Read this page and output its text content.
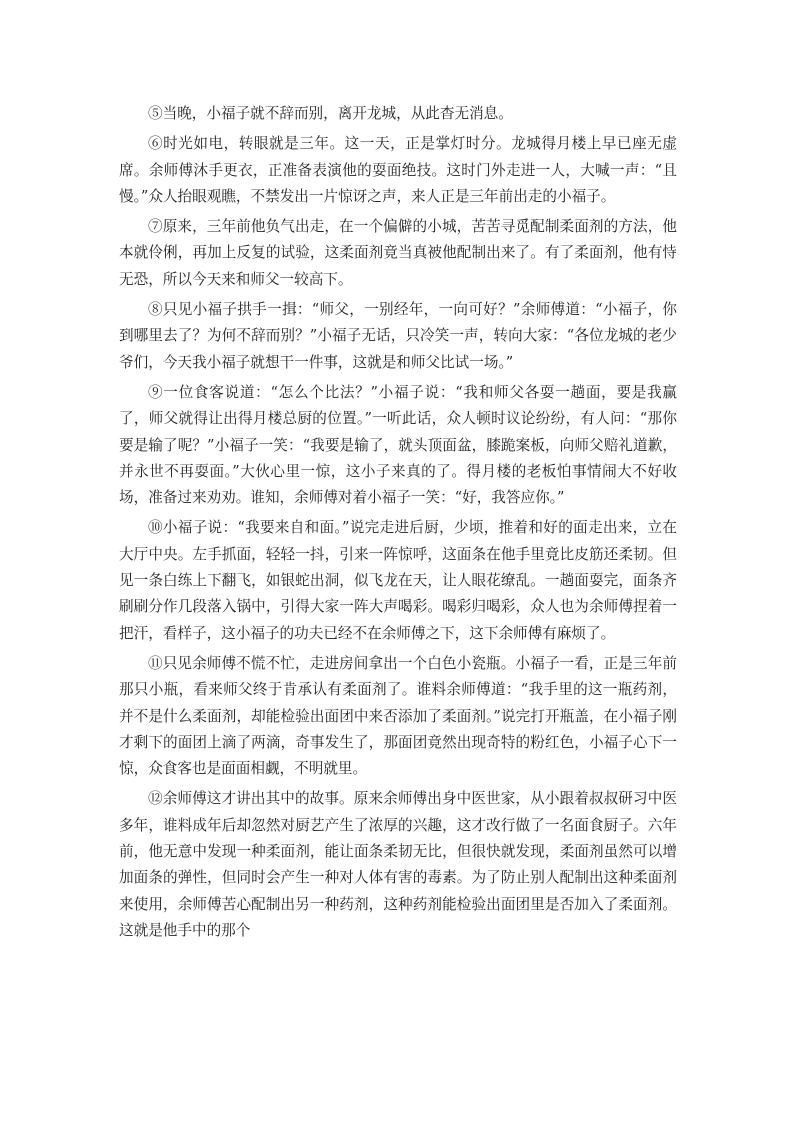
⑤当晚，小福子就不辞而别，离开龙城，从此杳无消息。

⑥时光如电，转眼就是三年。这一天，正是掌灯时分。龙城得月楼上早已座无虚席。余师傅沐手更衣，正准备表演他的耍面绝技。这时门外走进一人，大喊一声：“且慢。”众人抬眼观瞧，不禁发出一片惊讶之声，来人正是三年前出走的小福子。

⑦原来，三年前他负气出走，在一个偏僻的小城，苦苦寻觅配制柔面剂的方法，他本就伶俐，再加上反复的试验，这柔面剂竟当真被他配制出来了。有了柔面剂，他有恃无恐，所以今天来和师父一较高下。

⑧只见小福子拱手一揖：“师父，一别经年，一向可好？”余师傅道：“小福子，你到哪里去了？为何不辞而别？”小福子无话，只冷笑一声，转向大家：“各位龙城的老少爷们，今天我小福子就想干一件事，这就是和师父比试一场。”

⑨一位食客说道：“怎么个比法？”小福子说：“我和师父各耍一趟面，要是我赢了，师父就得让出得月楼总厨的位置。”一听此话，众人顿时议论纷纷，有人问：“那你要是输了呢？”小福子一笑：“我要是输了，就头顶面盆，膝跪案板，向师父赔礼道歉，并永世不再耍面。”大伙心里一惊，这小子来真的了。得月楼的老板怕事情闹大不好收场，准备过来劝劝。谁知，余师傅对着小福子一笑：“好，我答应你。”

⑩小福子说：“我要来自和面。”说完走进后厨，少顷，推着和好的面走出来，立在大厅中央。左手抓面，轻轻一抖，引来一阵惊呼，这面条在他手里竟比皮筋还柔韧。但见一条白练上下翻飞，如银蛇出洞，似飞龙在天，让人眼花缭乱。一趟面耍完，面条齐刷刷分作几段落入锅中，引得大家一阵大声喝彩。喝彩归喝彩，众人也为余师傅捏着一把汗，看样子，这小福子的功夫已经不在余师傅之下，这下余师傅有麻烦了。

⑪只见余师傅不慌不忙，走进房间拿出一个白色小瓷瓶。小福子一看，正是三年前那只小瓶，看来师父终于肯承认有柔面剂了。谁料余师傅道：“我手里的这一瓶药剂，并不是什么柔面剂，却能检验出面团中来否添加了柔面剂。”说完打开瓶盖，在小福子刚才剩下的面团上滴了两滴，奇事发生了，那面团竟然出现奇特的粉红色，小福子心下一惊，众食客也是面面相觑，不明就里。

⑫余师傅这才讲出其中的故事。原来余师傅出身中医世家，从小跟着叔叔研习中医多年，谁料成年后却忽然对厨艺产生了浓厚的兴趣，这才改行做了一名面食厨子。六年前，他无意中发现一种柔面剂，能让面条柔韧无比，但很快就发现，柔面剂虽然可以增加面条的弹性，但同时会产生一种对人体有害的毒素。为了防止别人配制出这种柔面剂来使用，余师傅苦心配制出另一种药剂，这种药剂能检验出面团里是否加入了柔面剂。这就是他手中的那个
